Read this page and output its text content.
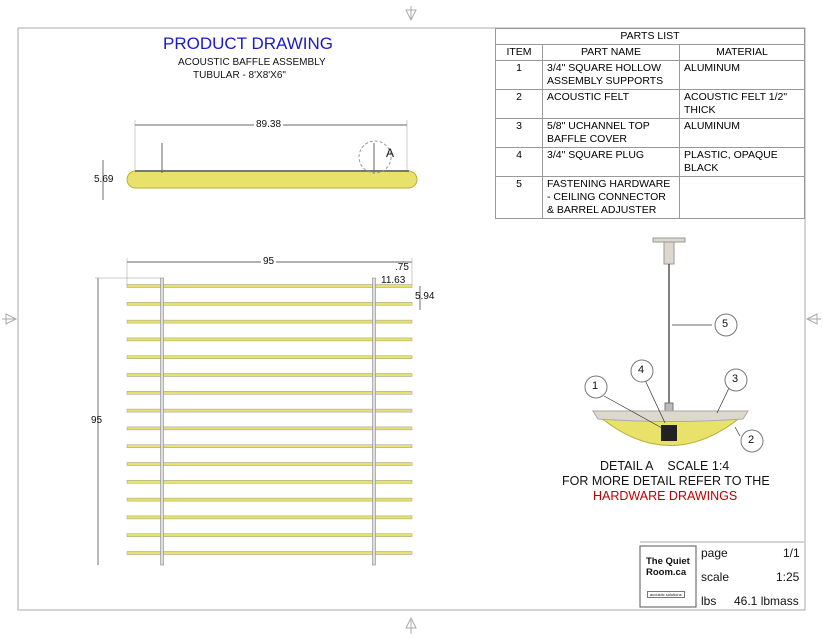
PRODUCT DRAWING
ACOUSTIC BAFFLE ASSEMBLY
TUBULAR - 8'X8'X6"
89.38
5.69
A
95
.75
11.63
5.94
95
PARTS LIST		
ITEM	PART NAME	MATERIAL
1	3/4" SQUARE HOLLOW ASSEMBLY SUPPORTS	ALUMINUM
2	ACOUSTIC FELT	ACOUSTIC FELT 1/2" THICK
3	5/8" UCHANNEL TOP BAFFLE COVER	ALUMINUM
4	3/4" SQUARE PLUG	PLASTIC, OPAQUE BLACK
5	FASTENING HARDWARE - CEILING CONNECTOR & BARREL ADJUSTER	
DETAIL A SCALE 1:4
FOR MORE DETAIL REFER TO THE
HARDWARE DRAWINGS
1
2
3
4
5
The Quiet Room.ca
acoustic solutions
page	1/1
scale	1:25
lbs 46.1 lbmass
